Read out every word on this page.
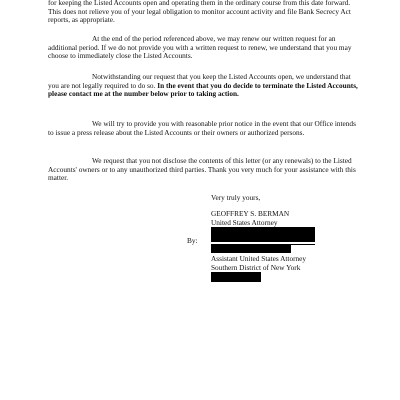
for keeping the Listed Accounts open and operating them in the ordinary course from this date forward. This does not relieve you of your legal obligation to monitor account activity and file Bank Secrecy Act reports, as appropriate.

At the end of the period referenced above, we may renew our written request for an additional period. If we do not provide you with a written request to renew, we understand that you may choose to immediately close the Listed Accounts.

Notwithstanding our request that you keep the Listed Accounts open, we understand that you are not legally required to do so. In the event that you do decide to terminate the Listed Accounts, please contact me at the number below prior to taking action.

We will try to provide you with reasonable prior notice in the event that our Office intends to issue a press release about the Listed Accounts or their owners or authorized persons.

We request that you not disclose the contents of this letter (or any renewals) to the Listed Accounts' owners or to any unauthorized third parties. Thank you very much for your assistance with this matter.

Very truly yours,

GEOFFREY S. BERMAN

United States Attorney

By:

Assistant United States Attorney

Southern District of New York
